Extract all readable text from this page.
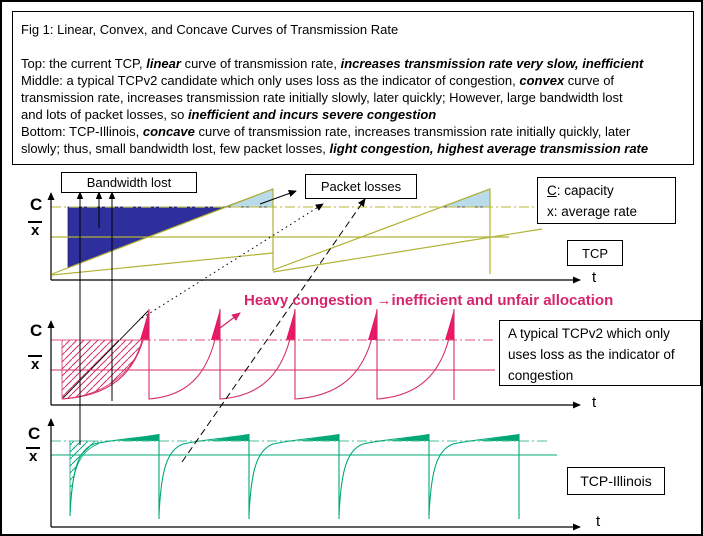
Fig 1: Linear, Convex, and Concave Curves of Transmission Rate
Top: the current TCP, linear curve of transmission rate, increases transmission rate very slow, inefficient
Middle: a typical TCPv2 candidate which only uses loss as the indicator of congestion, convex curve of
transmission rate, increases transmission rate initially slowly, later quickly; However, large bandwidth lost
and lots of packet losses, so inefficient and incurs severe congestion
Bottom: TCP-Illinois, concave curve of transmission rate, increases transmission rate initially quickly, later
slowly; thus, small bandwidth lost, few packet losses, light congestion, highest average transmission rate
Bandwidth lost	Packet losses	C: capacity
x: average rate
TCP
A typical TCPv2 which only uses loss as the indicator of congestion
TCP-Illinois
Heavy congestion →inefficient and unfair allocation
C
x
t
C
x
t
C
x
t
